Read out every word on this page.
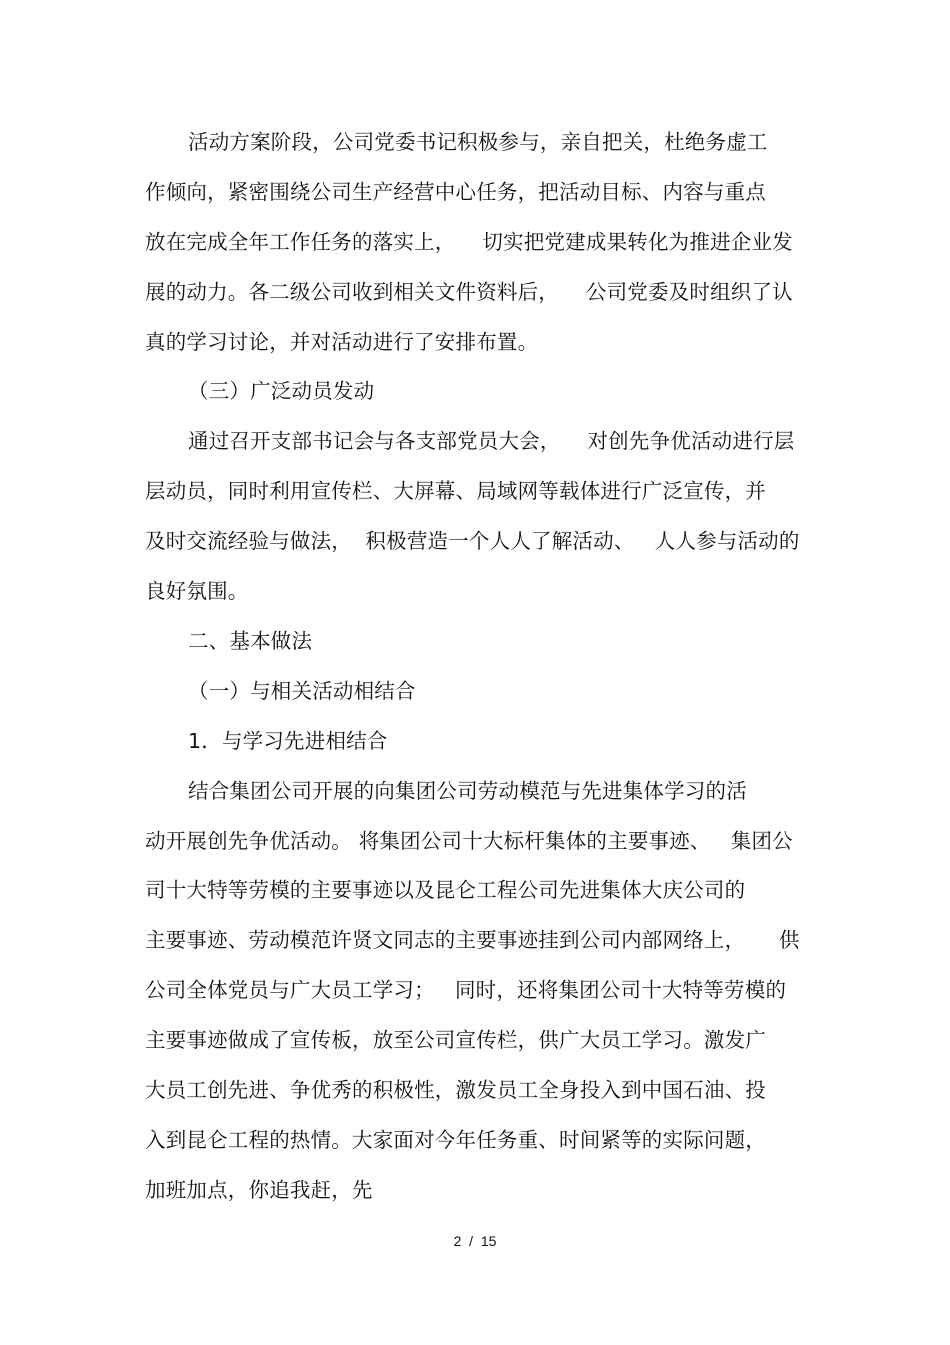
活动方案阶段，公司党委书记积极参与，亲自把关，杜绝务虚工
作倾向，紧密围绕公司生产经营中心任务，把活动目标、内容与重点
放在完成全年工作任务的落实上，    切实把党建成果转化为推进企业发
展的动力。各二级公司收到相关文件资料后，    公司党委及时组织了认
真的学习讨论，并对活动进行了安排布置。
（三）广泛动员发动
通过召开支部书记会与各支部党员大会，    对创先争优活动进行层
层动员，同时利用宣传栏、大屏幕、局域网等载体进行广泛宣传，并
及时交流经验与做法，  积极营造一个人人了解活动、   人人参与活动的
良好氛围。
二、基本做法
（一）与相关活动相结合
1．与学习先进相结合
结合集团公司开展的向集团公司劳动模范与先进集体学习的活
动开展创先争优活动。 将集团公司十大标杆集体的主要事迹、   集团公
司十大特等劳模的主要事迹以及昆仑工程公司先进集体大庆公司的
主要事迹、劳动模范许贤文同志的主要事迹挂到公司内部网络上，     供
公司全体党员与广大员工学习；   同时，还将集团公司十大特等劳模的
主要事迹做成了宣传板，放至公司宣传栏，供广大员工学习。激发广
大员工创先进、争优秀的积极性，激发员工全身投入到中国石油、投
入到昆仑工程的热情。大家面对今年任务重、时间紧等的实际问题，
加班加点，你追我赶，先
2  /  15
